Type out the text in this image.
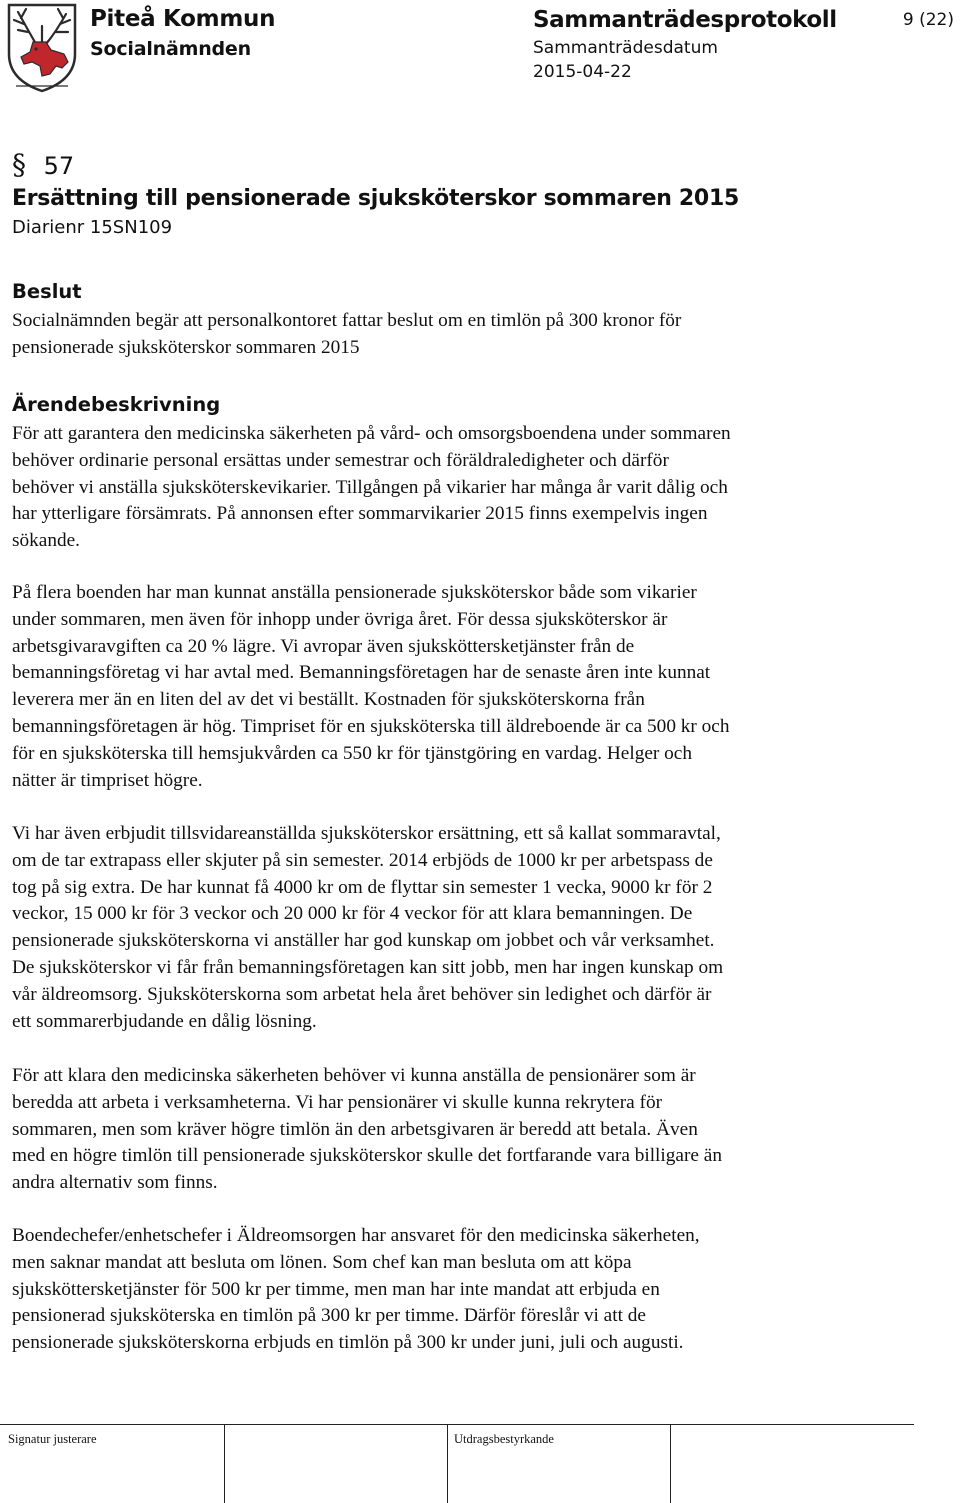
Piteå Kommun
Socialnämnden
Sammanträdesprotokoll
Sammanträdesdatum
2015-04-22
9 (22)
§ 57
Ersättning till pensionerade sjuksköterskor sommaren 2015
Diarienr 15SN109
Beslut

Socialnämnden begär att personalkontoret fattar beslut om en timlön på 300 kronor för

pensionerade sjuksköterskor sommaren 2015

Ärendebeskrivning

För att garantera den medicinska säkerheten på vård- och omsorgsboendena under sommaren

behöver ordinarie personal ersättas under semestrar och föräldraledigheter och därför

behöver vi anställa sjuksköterskevikarier. Tillgången på vikarier har många år varit dålig och

har ytterligare försämrats. På annonsen efter sommarvikarier 2015 finns exempelvis ingen

sökande.

På flera boenden har man kunnat anställa pensionerade sjuksköterskor både som vikarier

under sommaren, men även för inhopp under övriga året. För dessa sjuksköterskor är

arbetsgivaravgiften ca 20 % lägre. Vi avropar även sjuksköttersketjänster från de

bemanningsföretag vi har avtal med. Bemanningsföretagen har de senaste åren inte kunnat

leverera mer än en liten del av det vi beställt. Kostnaden för sjuksköterskorna från

bemanningsföretagen är hög. Timpriset för en sjuksköterska till äldreboende är ca 500 kr och

för en sjuksköterska till hemsjukvården ca 550 kr för tjänstgöring en vardag. Helger och

nätter är timpriset högre.

Vi har även erbjudit tillsvidareanställda sjuksköterskor ersättning, ett så kallat sommaravtal,

om de tar extrapass eller skjuter på sin semester. 2014 erbjöds de 1000 kr per arbetspass de

tog på sig extra. De har kunnat få 4000 kr om de flyttar sin semester 1 vecka, 9000 kr för 2

veckor, 15 000 kr för 3 veckor och 20 000 kr för 4 veckor för att klara bemanningen. De

pensionerade sjuksköterskorna vi anställer har god kunskap om jobbet och vår verksamhet.

De sjuksköterskor vi får från bemanningsföretagen kan sitt jobb, men har ingen kunskap om

vår äldreomsorg. Sjuksköterskorna som arbetat hela året behöver sin ledighet och därför är

ett sommarerbjudande en dålig lösning.

För att klara den medicinska säkerheten behöver vi kunna anställa de pensionärer som är

beredda att arbeta i verksamheterna. Vi har pensionärer vi skulle kunna rekrytera för

sommaren, men som kräver högre timlön än den arbetsgivaren är beredd att betala. Även

med en högre timlön till pensionerade sjuksköterskor skulle det fortfarande vara billigare än

andra alternativ som finns.

Boendechefer/enhetschefer i Äldreomsorgen har ansvaret för den medicinska säkerheten,

men saknar mandat att besluta om lönen. Som chef kan man besluta om att köpa

sjuksköttersketjänster för 500 kr per timme, men man har inte mandat att erbjuda en

pensionerad sjuksköterska en timlön på 300 kr per timme. Därför föreslår vi att de

pensionerade sjuksköterskorna erbjuds en timlön på 300 kr under juni, juli och augusti.

Signatur justerare	Utdragsbestyrkande
